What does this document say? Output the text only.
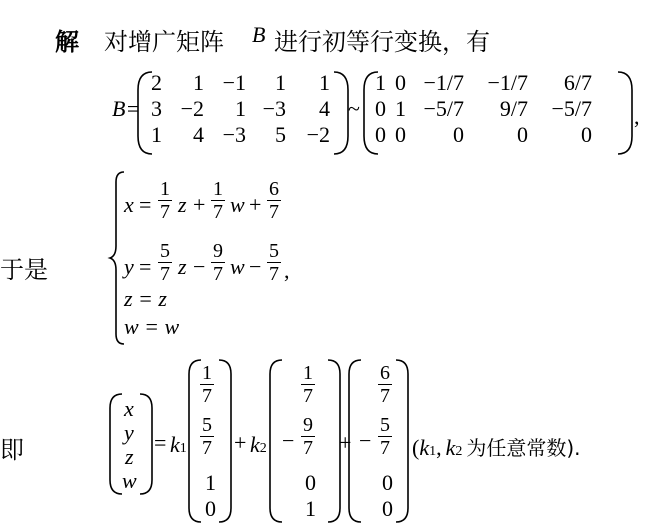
解 对增广矩阵 B 进行初等行变换，有
B=
2	1 −1	1	1
3 −2	1 −3	4
1	4 −3	5 −2
~
1 0 −1/7	−1/7	6/7
0 1 −5/7	9/7	−5/7
0 0	0	0	0
,
于是
x =
1
7 z +
1
7 w +
6
7
y =
5
7 z −
9
7 w −
5
7 ,
z = z
w = w
即
x
y
z
w
= k1
1
7
5
7
1
0
+ k2
1
7
−
9
7
0
1
+
6
7
−
5
7
0
0
(k1, k2 为任意常数).
